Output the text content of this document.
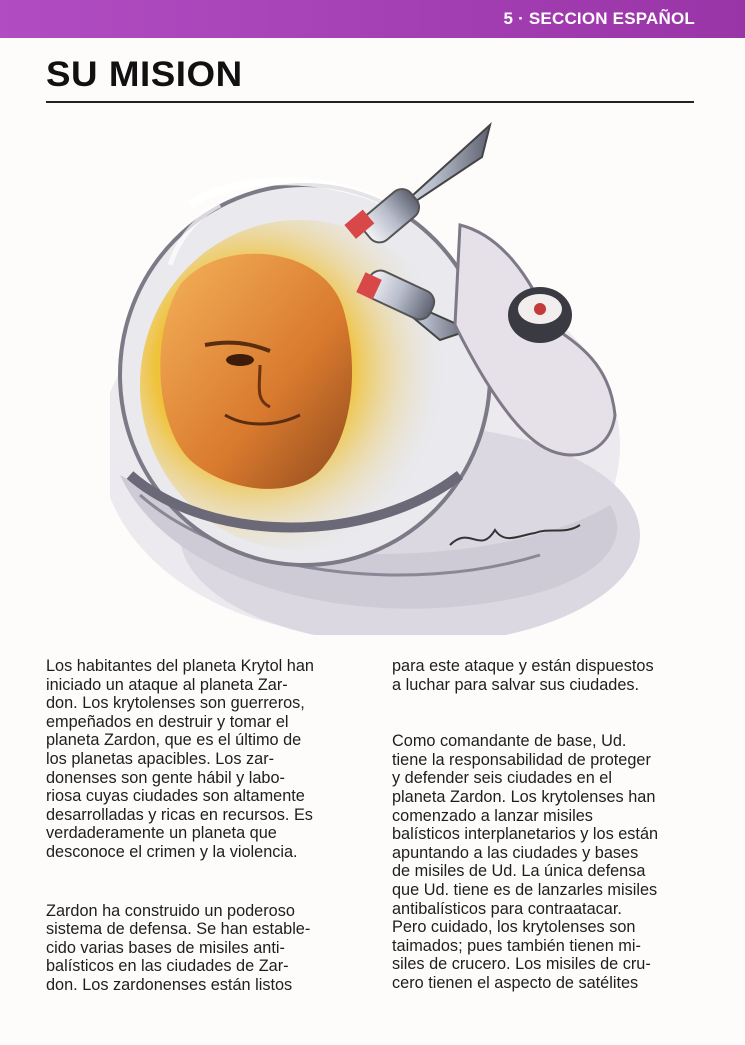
5 · SECCION ESPAÑOL
SU MISION

Los habitantes del planeta Krytol han
iniciado un ataque al planeta Zar-
don. Los krytolenses son guerreros,
empeñados en destruir y tomar el
planeta Zardon, que es el último de
los planetas apacibles. Los zar-
donenses son gente hábil y labo-
riosa cuyas ciudades son altamente
desarrolladas y ricas en recursos. Es
verdaderamente un planeta que
desconoce el crimen y la violencia.

Zardon ha construido un poderoso
sistema de defensa. Se han estable-
cido varias bases de misiles anti-
balísticos en las ciudades de Zar-
don. Los zardonenses están listos

para este ataque y están dispuestos
a luchar para salvar sus ciudades.

Como comandante de base, Ud.
tiene la responsabilidad de proteger
y defender seis ciudades en el
planeta Zardon. Los krytolenses han
comenzado a lanzar misiles
balísticos interplanetarios y los están
apuntando a las ciudades y bases
de misiles de Ud. La única defensa
que Ud. tiene es de lanzarles misiles
antibalísticos para contraatacar.
Pero cuidado, los krytolenses son
taimados; pues también tienen mi-
siles de crucero. Los misiles de cru-
cero tienen el aspecto de satélites
